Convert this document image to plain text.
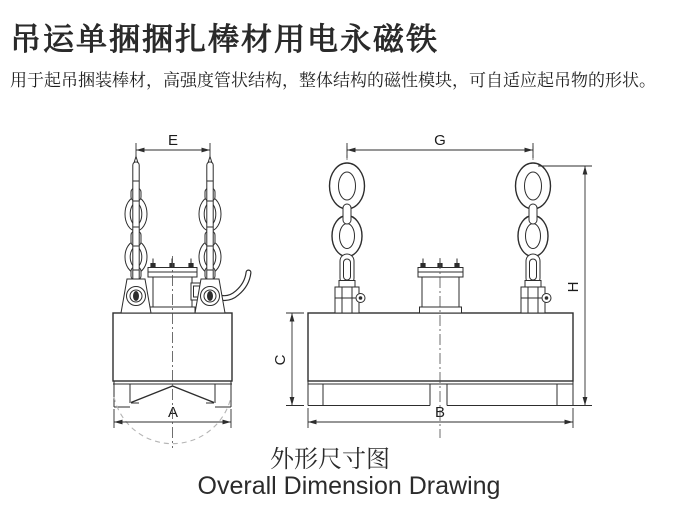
吊运单捆捆扎棒材用电永磁铁

用于起吊捆装棒材，高强度管状结构，整体结构的磁性模块，可自适应起吊物的形状。

E
A
G
C
B
H
外形尺寸图
Overall Dimension Drawing
